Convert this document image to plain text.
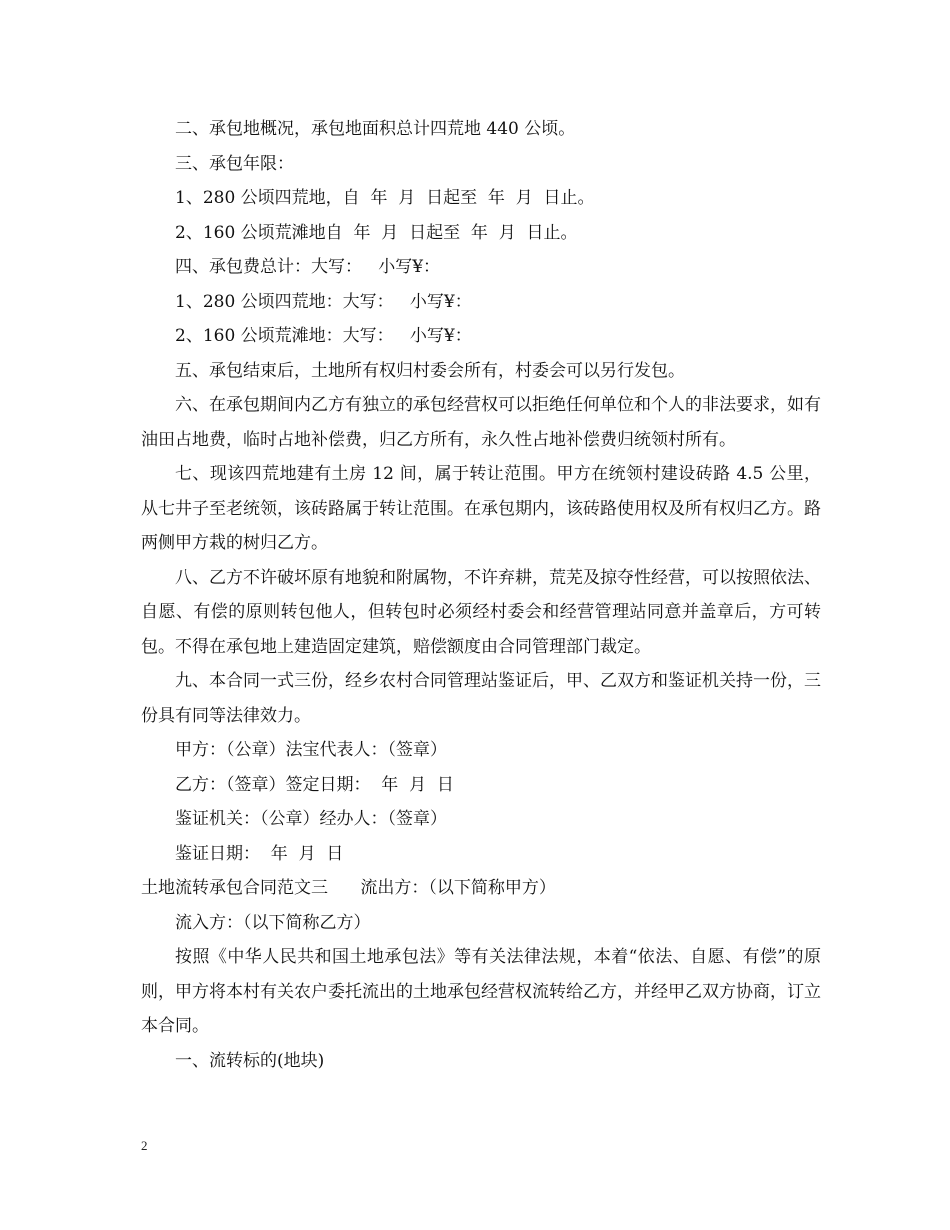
二、承包地概况，承包地面积总计四荒地 440 公顷。

三、承包年限：

1、280 公顷四荒地，自  年  月  日起至  年  月  日止。

2、160 公顷荒滩地自  年  月  日起至  年  月  日止。

四、承包费总计：大写：   小写¥：

1、280 公顷四荒地：大写：   小写¥：

2、160 公顷荒滩地：大写：   小写¥：

五、承包结束后，土地所有权归村委会所有，村委会可以另行发包。

六、在承包期间内乙方有独立的承包经营权可以拒绝任何单位和个人的非法要求，如有油田占地费，临时占地补偿费，归乙方所有，永久性占地补偿费归统领村所有。

七、现该四荒地建有土房 12 间，属于转让范围。甲方在统领村建设砖路 4.5 公里，从七井子至老统领，该砖路属于转让范围。在承包期内，该砖路使用权及所有权归乙方。路两侧甲方栽的树归乙方。

八、乙方不许破坏原有地貌和附属物，不许弃耕，荒芜及掠夺性经营，可以按照依法、自愿、有偿的原则转包他人，但转包时必须经村委会和经营管理站同意并盖章后，方可转包。不得在承包地上建造固定建筑，赔偿额度由合同管理部门裁定。

九、本合同一式三份，经乡农村合同管理站鉴证后，甲、乙双方和鉴证机关持一份，三份具有同等法律效力。

甲方：（公章）法宝代表人：（签章）

乙方：（签章）签定日期：  年  月  日

鉴证机关：（公章）经办人：（签章）

鉴证日期：  年  月  日

土地流转承包合同范文三      流出方：（以下简称甲方）

流入方：（以下简称乙方）

按照《中华人民共和国土地承包法》等有关法律法规，本着“依法、自愿、有偿”的原则，甲方将本村有关农户委托流出的土地承包经营权流转给乙方，并经甲乙双方协商，订立本合同。

一、流转标的(地块)

2
